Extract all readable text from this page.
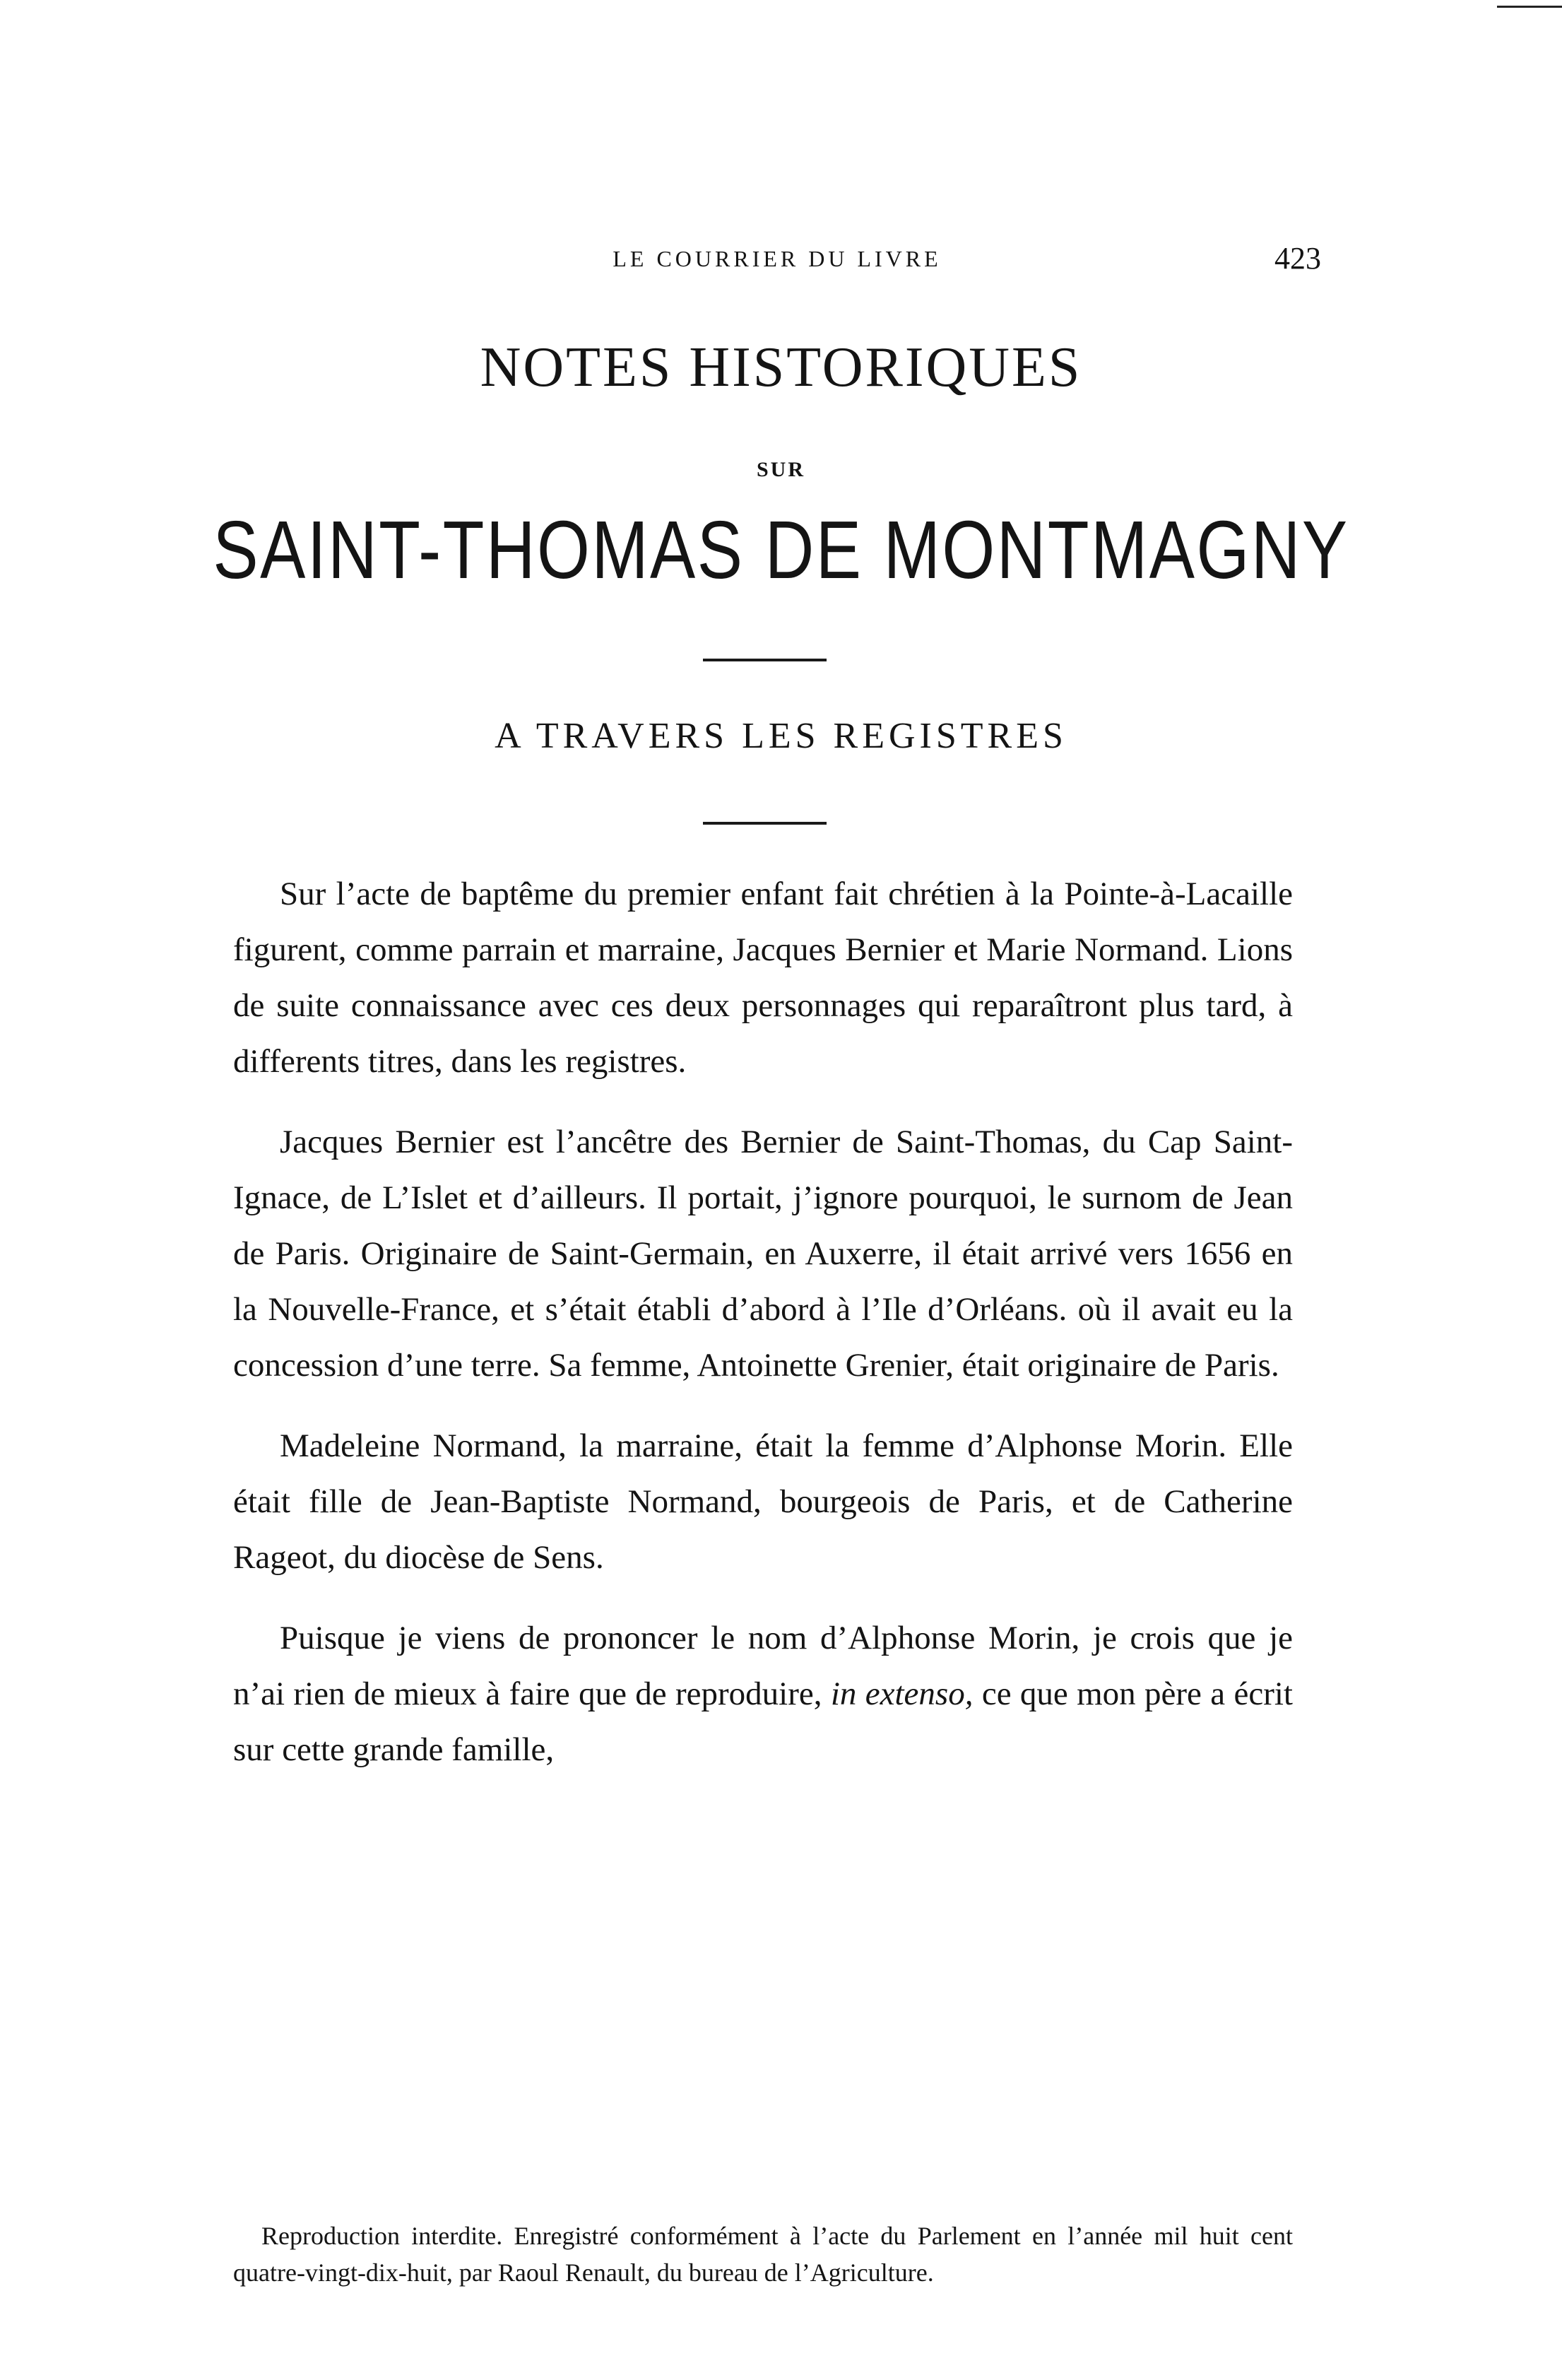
LE COURRIER DU LIVRE	423
NOTES HISTORIQUES
SUR
SAINT-THOMAS DE MONTMAGNY
A TRAVERS LES REGISTRES

Sur l’acte de baptême du premier enfant fait chrétien à la Pointe-à-Lacaille figurent, comme parrain et marraine, Jacques Bernier et Marie Normand. Lions de suite connaissance avec ces deux personnages qui reparaîtront plus tard, à differents titres, dans les registres.

Jacques Bernier est l’ancêtre des Bernier de Saint-Thomas, du Cap Saint-Ignace, de L’Islet et d’ailleurs. Il portait, j’ignore pourquoi, le surnom de Jean de Paris. Originaire de Saint-Germain, en Auxerre, il était arrivé vers 1656 en la Nouvelle-France, et s’était établi d’abord à l’Ile d’Orléans. où il avait eu la concession d’une terre. Sa femme, Antoinette Grenier, était originaire de Paris.

Madeleine Normand, la marraine, était la femme d’Alphonse Morin. Elle était fille de Jean-Baptiste Normand, bourgeois de Paris, et de Catherine Rageot, du diocèse de Sens.

Puisque je viens de prononcer le nom d’Alphonse Morin, je crois que je n’ai rien de mieux à faire que de reproduire, in extenso, ce que mon père a écrit sur cette grande famille,

Reproduction interdite. Enregistré conformément à l’acte du Parlement en l’année mil huit cent quatre-vingt-dix-huit, par Raoul Renault, du bureau de l’Agriculture.
